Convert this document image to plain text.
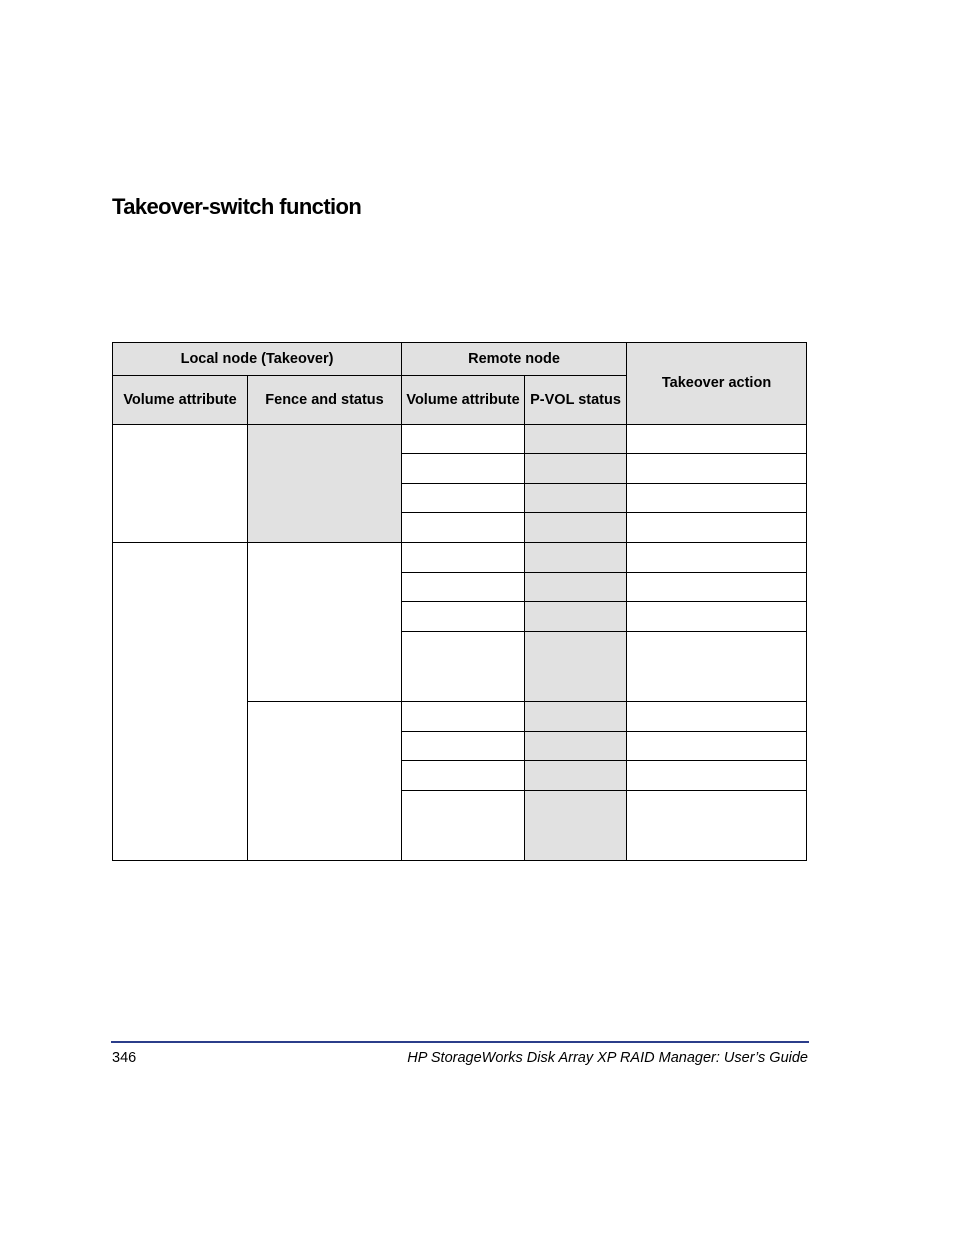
Takeover-switch function
Local node (Takeover)		Remote node		Takeover action
Volume attribute	Fence and status	Volume attribute	P-VOL status	

346	HP StorageWorks Disk Array XP RAID Manager: User’s Guide
